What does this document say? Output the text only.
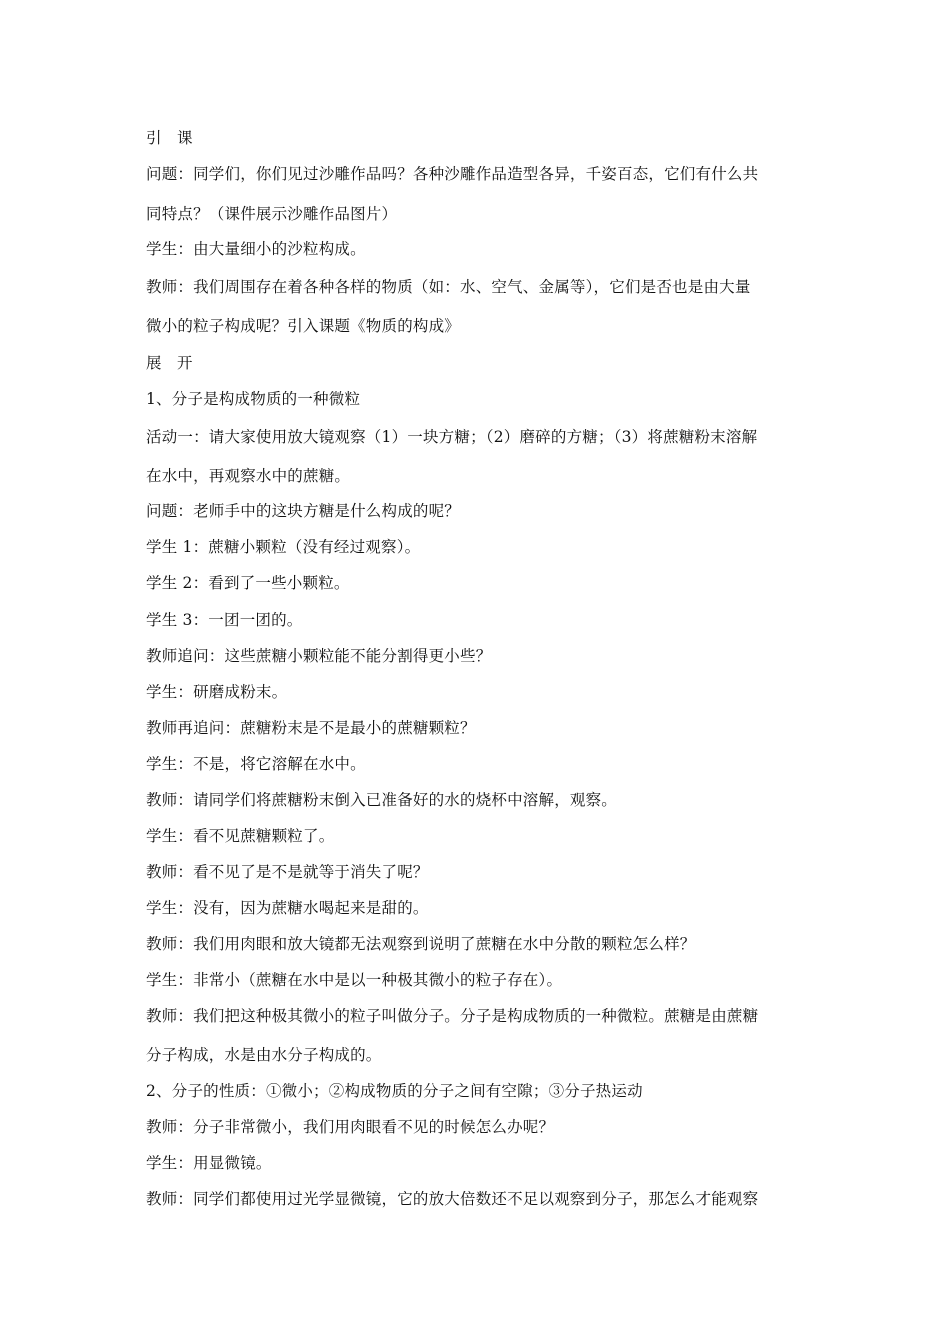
引　课
问题：同学们，你们见过沙雕作品吗？各种沙雕作品造型各异，千姿百态，它们有什么共
同特点？（课件展示沙雕作品图片）
学生：由大量细小的沙粒构成。
教师：我们周围存在着各种各样的物质（如：水、空气、金属等），它们是否也是由大量
微小的粒子构成呢？引入课题《物质的构成》
展　开
1、分子是构成物质的一种微粒
活动一：请大家使用放大镜观察（1）一块方糖；（2）磨碎的方糖；（3）将蔗糖粉末溶解
在水中，再观察水中的蔗糖。
问题：老师手中的这块方糖是什么构成的呢？
学生 1：蔗糖小颗粒（没有经过观察）。
学生 2：看到了一些小颗粒。
学生 3：一团一团的。
教师追问：这些蔗糖小颗粒能不能分割得更小些？
学生：研磨成粉末。
教师再追问：蔗糖粉末是不是最小的蔗糖颗粒？
学生：不是，将它溶解在水中。
教师：请同学们将蔗糖粉末倒入已准备好的水的烧杯中溶解，观察。
学生：看不见蔗糖颗粒了。
教师：看不见了是不是就等于消失了呢？
学生：没有，因为蔗糖水喝起来是甜的。
教师：我们用肉眼和放大镜都无法观察到说明了蔗糖在水中分散的颗粒怎么样？
学生：非常小（蔗糖在水中是以一种极其微小的粒子存在）。
教师：我们把这种极其微小的粒子叫做分子。分子是构成物质的一种微粒。蔗糖是由蔗糖
分子构成，水是由水分子构成的。
2、分子的性质：①微小；②构成物质的分子之间有空隙；③分子热运动
教师：分子非常微小，我们用肉眼看不见的时候怎么办呢？
学生：用显微镜。
教师：同学们都使用过光学显微镜，它的放大倍数还不足以观察到分子，那怎么才能观察
